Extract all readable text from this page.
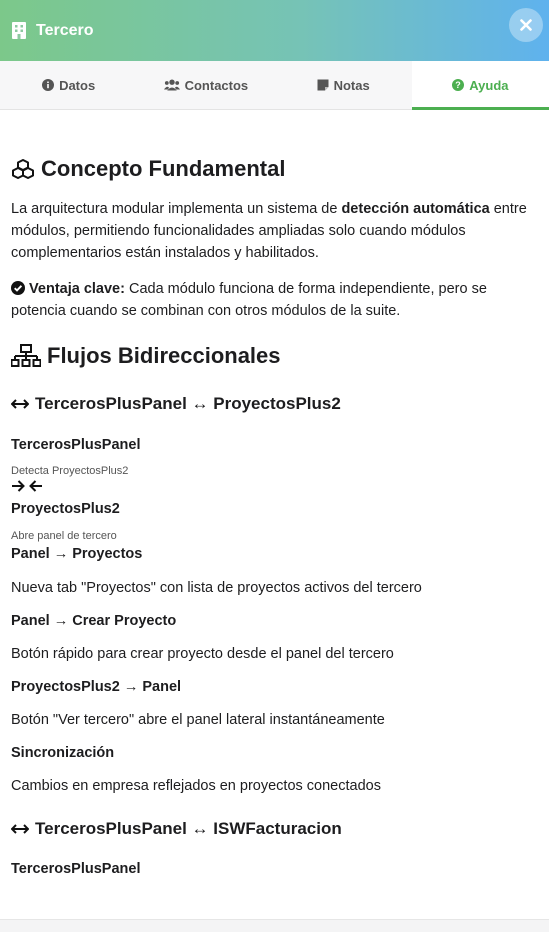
Tercero
Datos	Contactos	Notas	? Ayuda
Concepto Fundamental

La arquitectura modular implementa un sistema de detección automática entre módulos, permitiendo funcionalidades ampliadas solo cuando módulos complementarios están instalados y habilitados.

Ventaja clave: Cada módulo funciona de forma independiente, pero se potencia cuando se combinan con otros módulos de la suite.

Flujos Bidireccionales
TercerosPlusPanel ↔ ProyectosPlus2
TercerosPlusPanel
Detecta ProyectosPlus2
ProyectosPlus2
Abre panel de tercero
Panel → Proyectos

Nueva tab "Proyectos" con lista de proyectos activos del tercero

Panel → Crear Proyecto

Botón rápido para crear proyecto desde el panel del tercero

ProyectosPlus2 → Panel

Botón "Ver tercero" abre el panel lateral instantáneamente

Sincronización

Cambios en empresa reflejados en proyectos conectados

TercerosPlusPanel ↔ ISWFacturacion
TercerosPlusPanel
